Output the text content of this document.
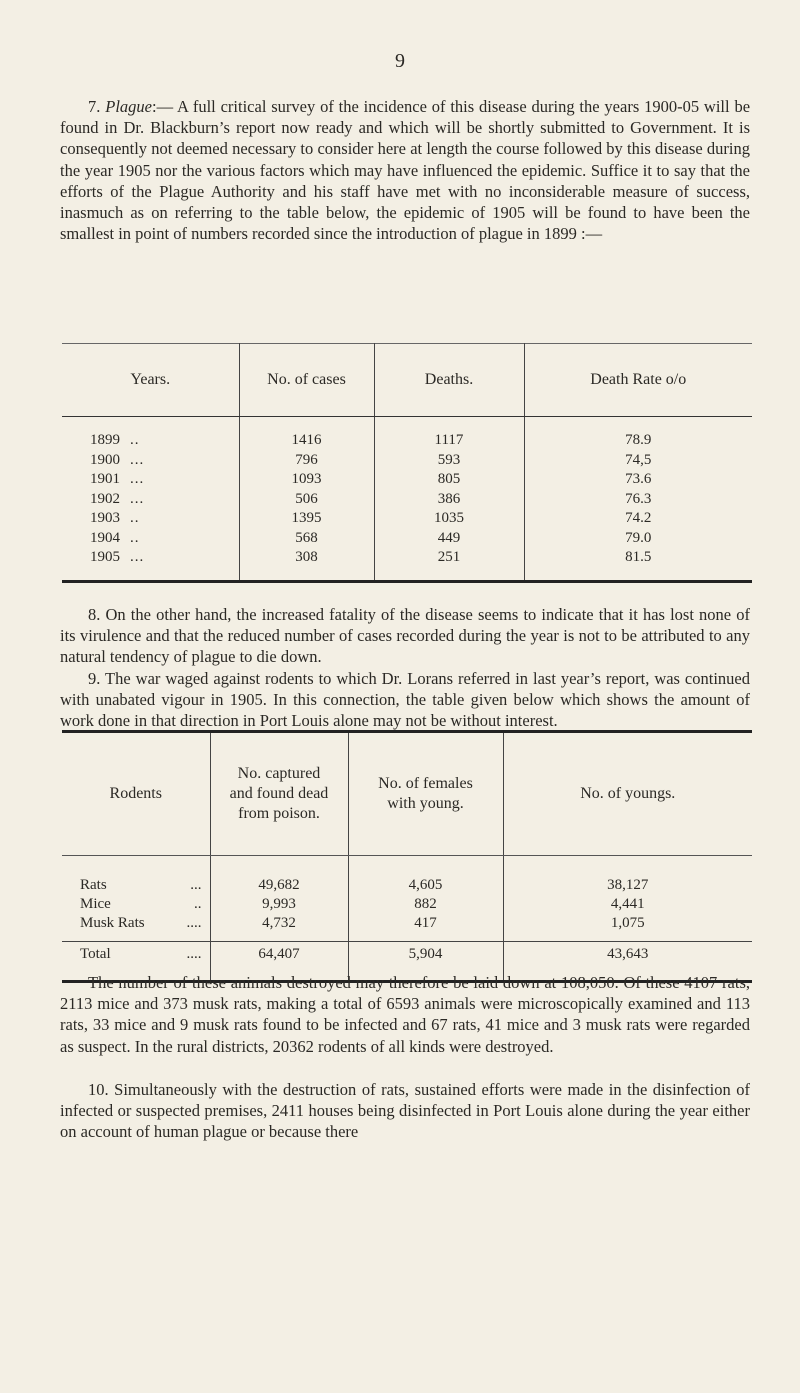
9

7. Plague:— A full critical survey of the incidence of this disease during the years 1900-05 will be found in Dr. Blackburn’s report now ready and which will be shortly submitted to Government. It is consequently not deemed necessary to consider here at length the course followed by this disease during the year 1905 nor the various factors which may have influenced the epidemic. Suffice it to say that the efforts of the Plague Authority and his staff have met with no inconsiderable measure of success, inasmuch as on referring to the table below, the epidemic of 1905 will be found to have been the smallest in point of numbers recorded since the introduction of plague in 1899 :—

Years.	No. of cases	Deaths.	Death Rate o/o
1899 ..	1416	1117	78.9
1900 ...	796	593	74,5
1901 ...	1093	805	73.6
1902 ...	506	386	76.3
1903 ..	1395	1035	74.2
1904 ..	568	449	79.0
1905 ...	308	251	81.5

8. On the other hand, the increased fatality of the disease seems to indicate that it has lost none of its virulence and that the reduced number of cases recorded during the year is not to be attributed to any natural tendency of plague to die down.

9. The war waged against rodents to which Dr. Lorans referred in last year’s report, was continued with unabated vigour in 1905. In this connection, the table given below which shows the amount of work done in that direction in Port Louis alone may not be without interest.

Rodents	No. captured and found dead from poison.	No. of females with young.	No. of youngs.
Rats ...	49,682	4,605	38,127
Mice ..	9,993	882	4,441
Musk Rats ....	4,732	417	1,075
Total ....	64,407	5,904	43,643

The number of these animals destroyed may therefore be laid down at 108,050. Of these 4107 rats, 2113 mice and 373 musk rats, making a total of 6593 animals were microscopically examined and 113 rats, 33 mice and 9 musk rats found to be infected and 67 rats, 41 mice and 3 musk rats were regarded as suspect. In the rural districts, 20362 rodents of all kinds were destroyed.

10. Simultaneously with the destruction of rats, sustained efforts were made in the disinfection of infected or suspected premises, 2411 houses being disinfected in Port Louis alone during the year either on account of human plague or because there
